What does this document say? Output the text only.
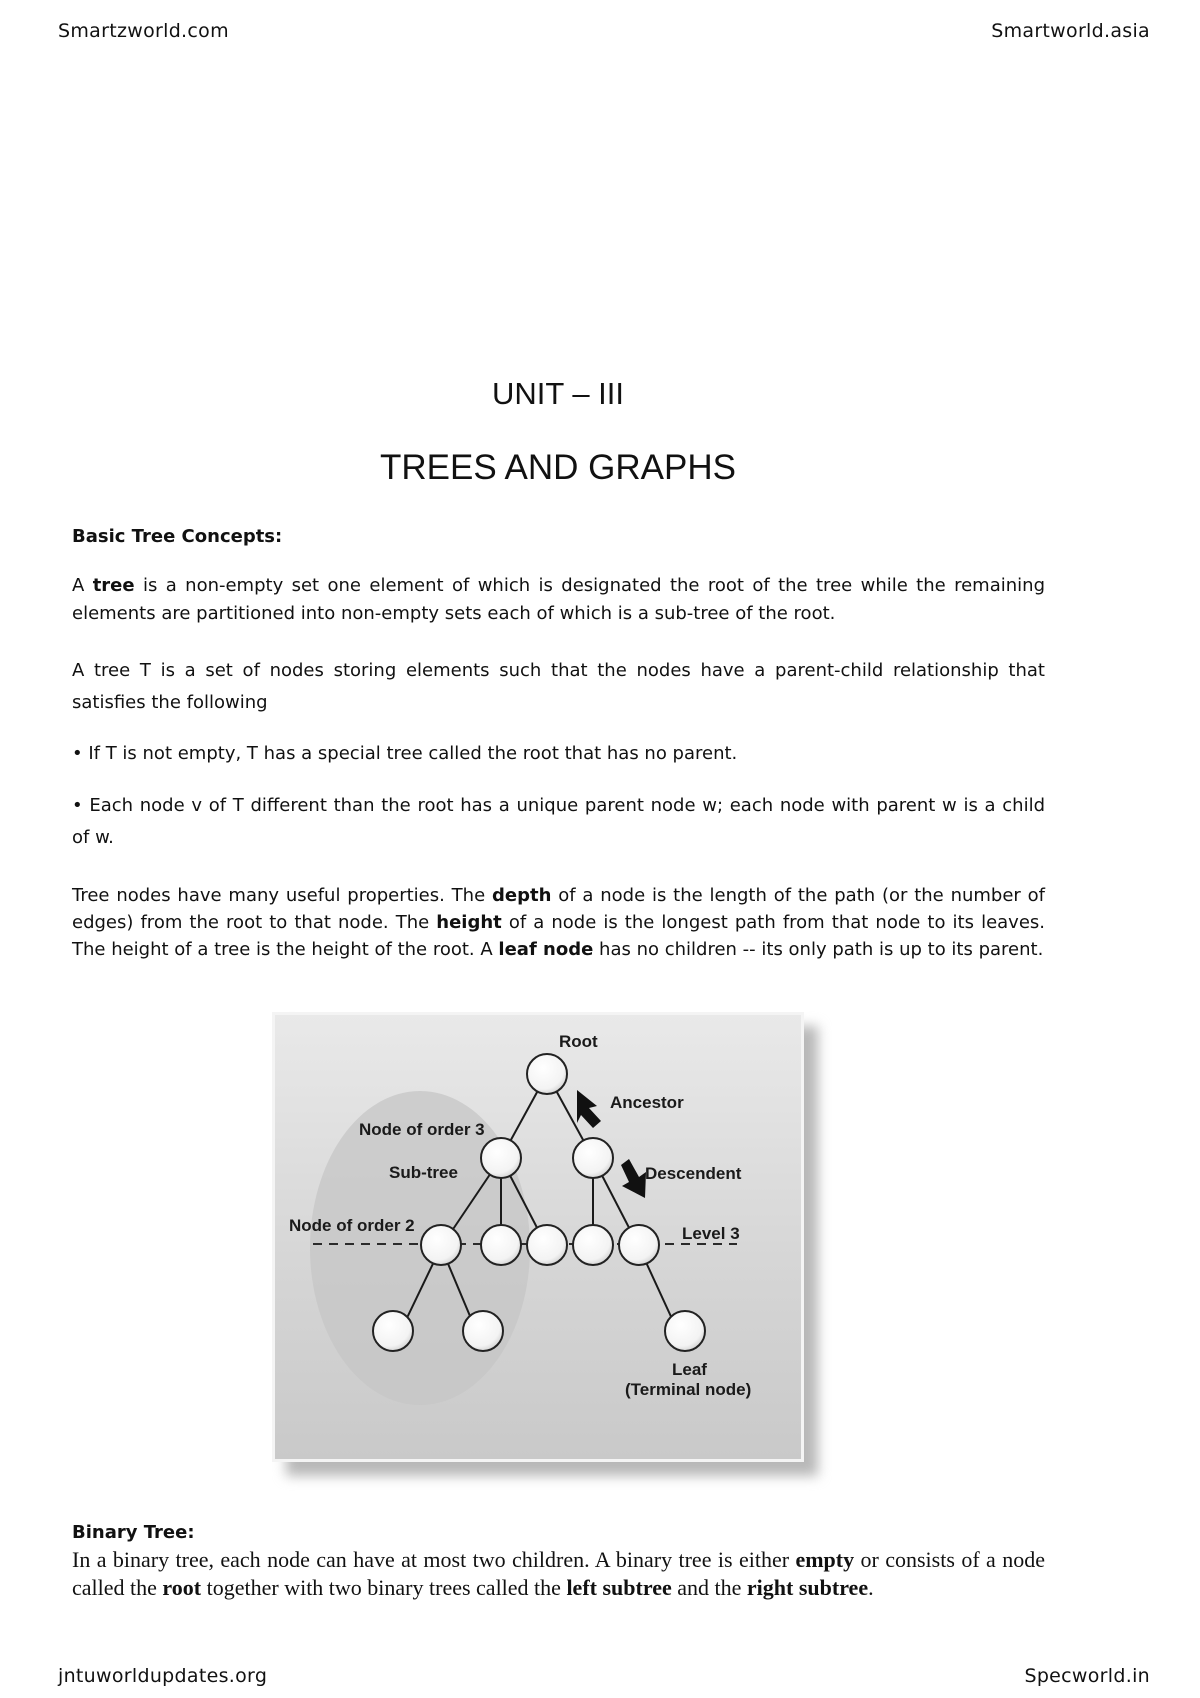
Smartzworld.com	Smartworld.asia
UNIT – III
TREES AND GRAPHS
Basic Tree Concepts:
A tree is a non-empty set one element of which is designated the root of the tree while the remaining elements are partitioned into non-empty sets each of which is a sub-tree of the root.
A tree T is a set of nodes storing elements such that the nodes have a parent-child relationship that satisfies the following
• If T is not empty, T has a special tree called the root that has no parent.
• Each node v of T different than the root has a unique parent node w; each node with parent w is a child of w.
Tree nodes have many useful properties. The depth of a node is the length of the path (or the number of edges) from the root to that node. The height of a node is the longest path from that node to its leaves. The height of a tree is the height of the root. A leaf node has no children -- its only path is up to its parent.
Root
Ancestor
Node of order 3
Sub-tree	Descendent
Node of order 2	Level 3
Leaf
(Terminal node)
Binary Tree:
In a binary tree, each node can have at most two children. A binary tree is either empty or consists of a node called the root together with two binary trees called the left subtree and the right subtree.
jntuworldupdates.org	Specworld.in
